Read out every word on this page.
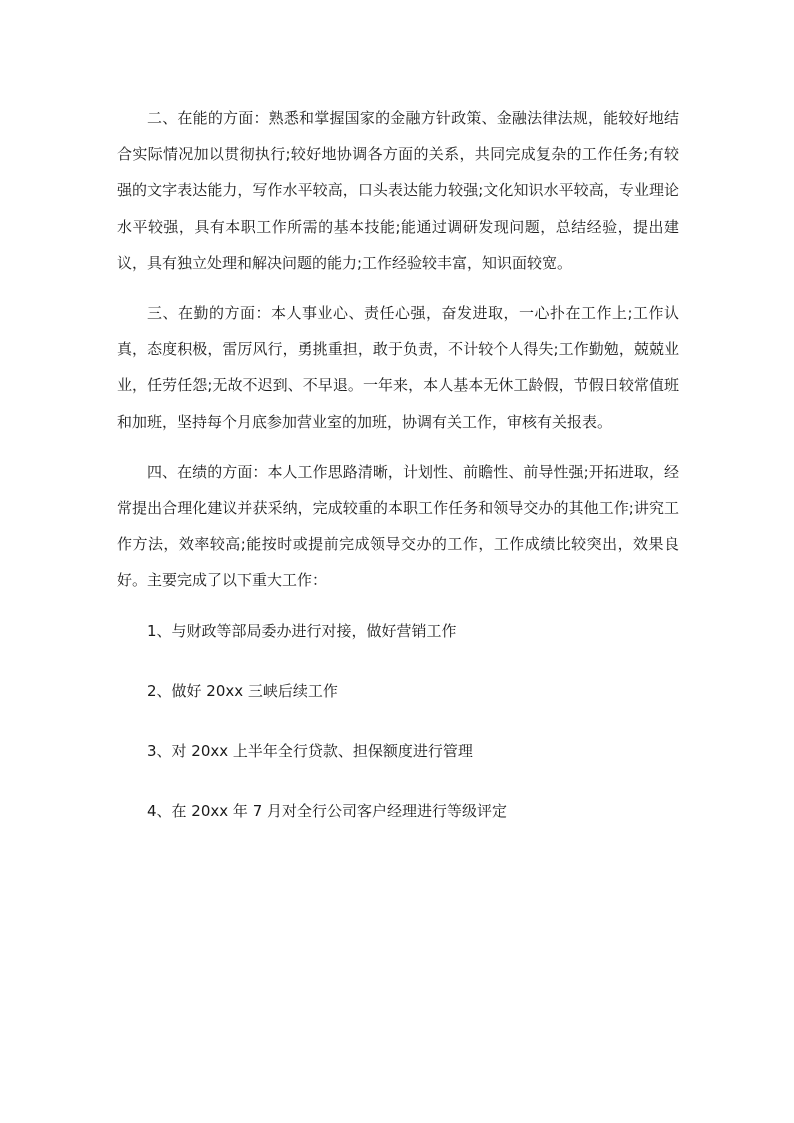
二、在能的方面：熟悉和掌握国家的金融方针政策、金融法律法规，能较好地结合实际情况加以贯彻执行;较好地协调各方面的关系，共同完成复杂的工作任务;有较强的文字表达能力，写作水平较高，口头表达能力较强;文化知识水平较高，专业理论水平较强，具有本职工作所需的基本技能;能通过调研发现问题，总结经验，提出建议，具有独立处理和解决问题的能力;工作经验较丰富，知识面较宽。

三、在勤的方面：本人事业心、责任心强，奋发进取，一心扑在工作上;工作认真，态度积极，雷厉风行，勇挑重担，敢于负责，不计较个人得失;工作勤勉，兢兢业业，任劳任怨;无故不迟到、不早退。一年来，本人基本无休工龄假，节假日较常值班和加班，坚持每个月底参加营业室的加班，协调有关工作，审核有关报表。

四、在绩的方面：本人工作思路清晰，计划性、前瞻性、前导性强;开拓进取，经常提出合理化建议并获采纳，完成较重的本职工作任务和领导交办的其他工作;讲究工作方法，效率较高;能按时或提前完成领导交办的工作，工作成绩比较突出，效果良好。主要完成了以下重大工作：

1、与财政等部局委办进行对接，做好营销工作

2、做好 20xx 三峡后续工作

3、对 20xx 上半年全行贷款、担保额度进行管理

4、在 20xx 年 7 月对全行公司客户经理进行等级评定
